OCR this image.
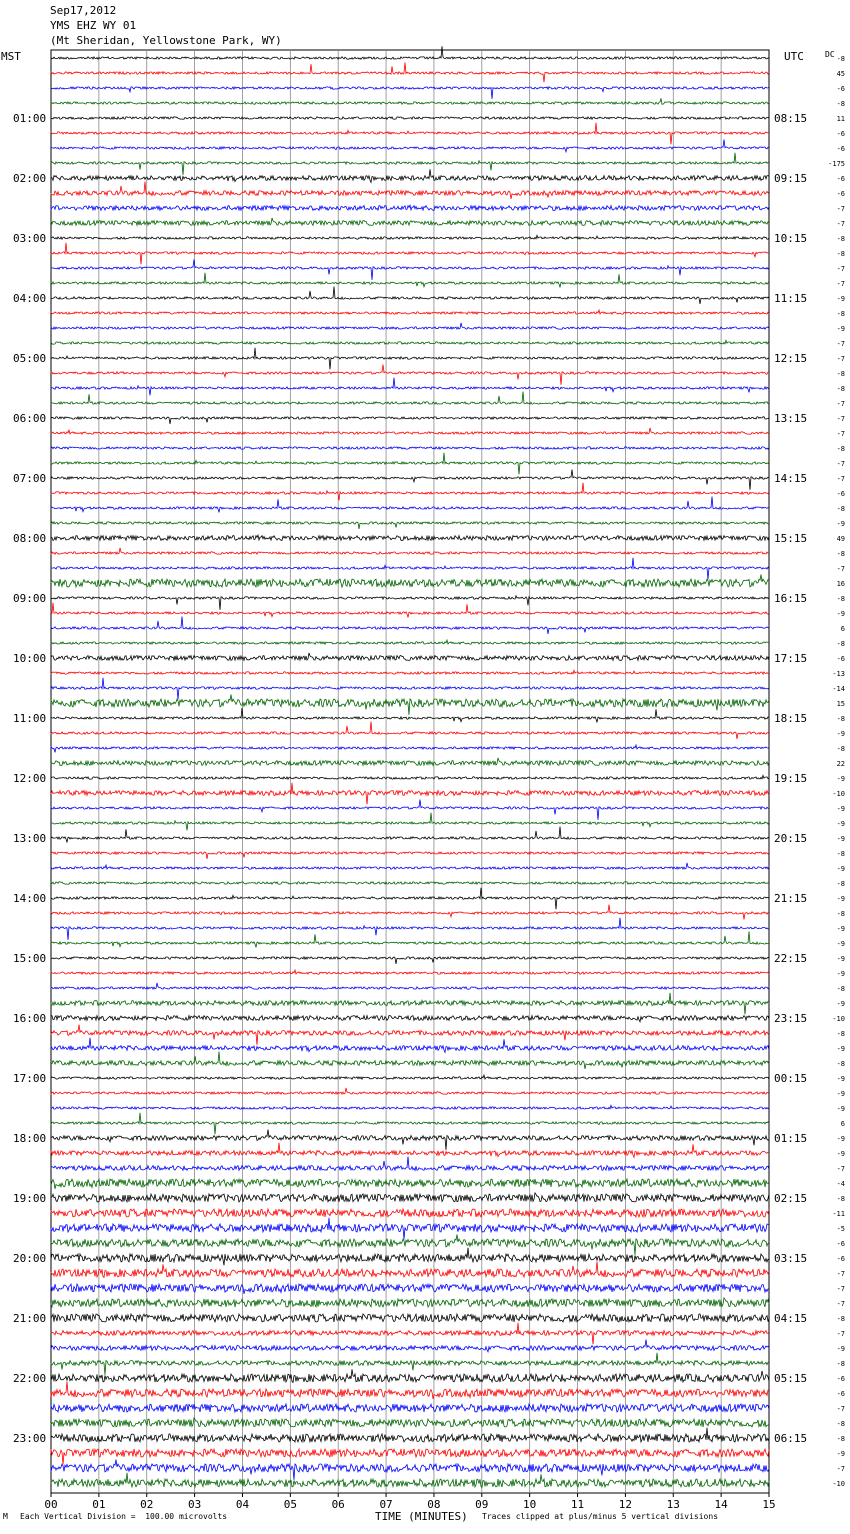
Sep17,2012
YMS EHZ WY 01
(Mt Sheridan, Yellowstone Park, WY)
MST	UTC	DC
01:00
02:00
03:00
04:00
05:00
06:00
07:00
08:00
09:00
10:00
11:00
12:00
13:00
14:00
15:00
16:00
17:00
18:00
19:00
20:00
21:00
22:00
23:00
08:15
09:15
10:15
11:15
12:15
13:15
14:15
15:15
16:15
17:15
18:15
19:15
20:15
21:15
22:15
23:15
00:15
01:15
02:15
03:15
04:15
05:15
06:15
-8
45
-6
-8
11
-6
-6
-175
-6
-6
-7
-7
-8
-8
-7
-7
-9
-8
-9
-7
-7
-8
-8
-7
-7
-7
-8
-7
-7
-6
-8
-9
49
-8
-7
16
-8
-9
6
-8
-6
-13
-14
15
-8
-9
-8
22
-9
-10
-9
-9
-9
-8
-9
-8
-9
-8
-9
-9
-9
-9
-8
-9
-10
-8
-9
-8
-9
-9
-9
6
-9
-9
-7
-4
-8
-11
-5
-6
-6
-7
-7
-7
-8
-7
-9
-8
-6
-6
-7
-8
-8
-9
-7
-10
00	01	02	03	04	05	06	07	08	09	10	11	12	13	14	15
M Each Vertical Division =  100.00 microvolts	TIME (MINUTES) Traces clipped at plus/minus 5 vertical divisions
